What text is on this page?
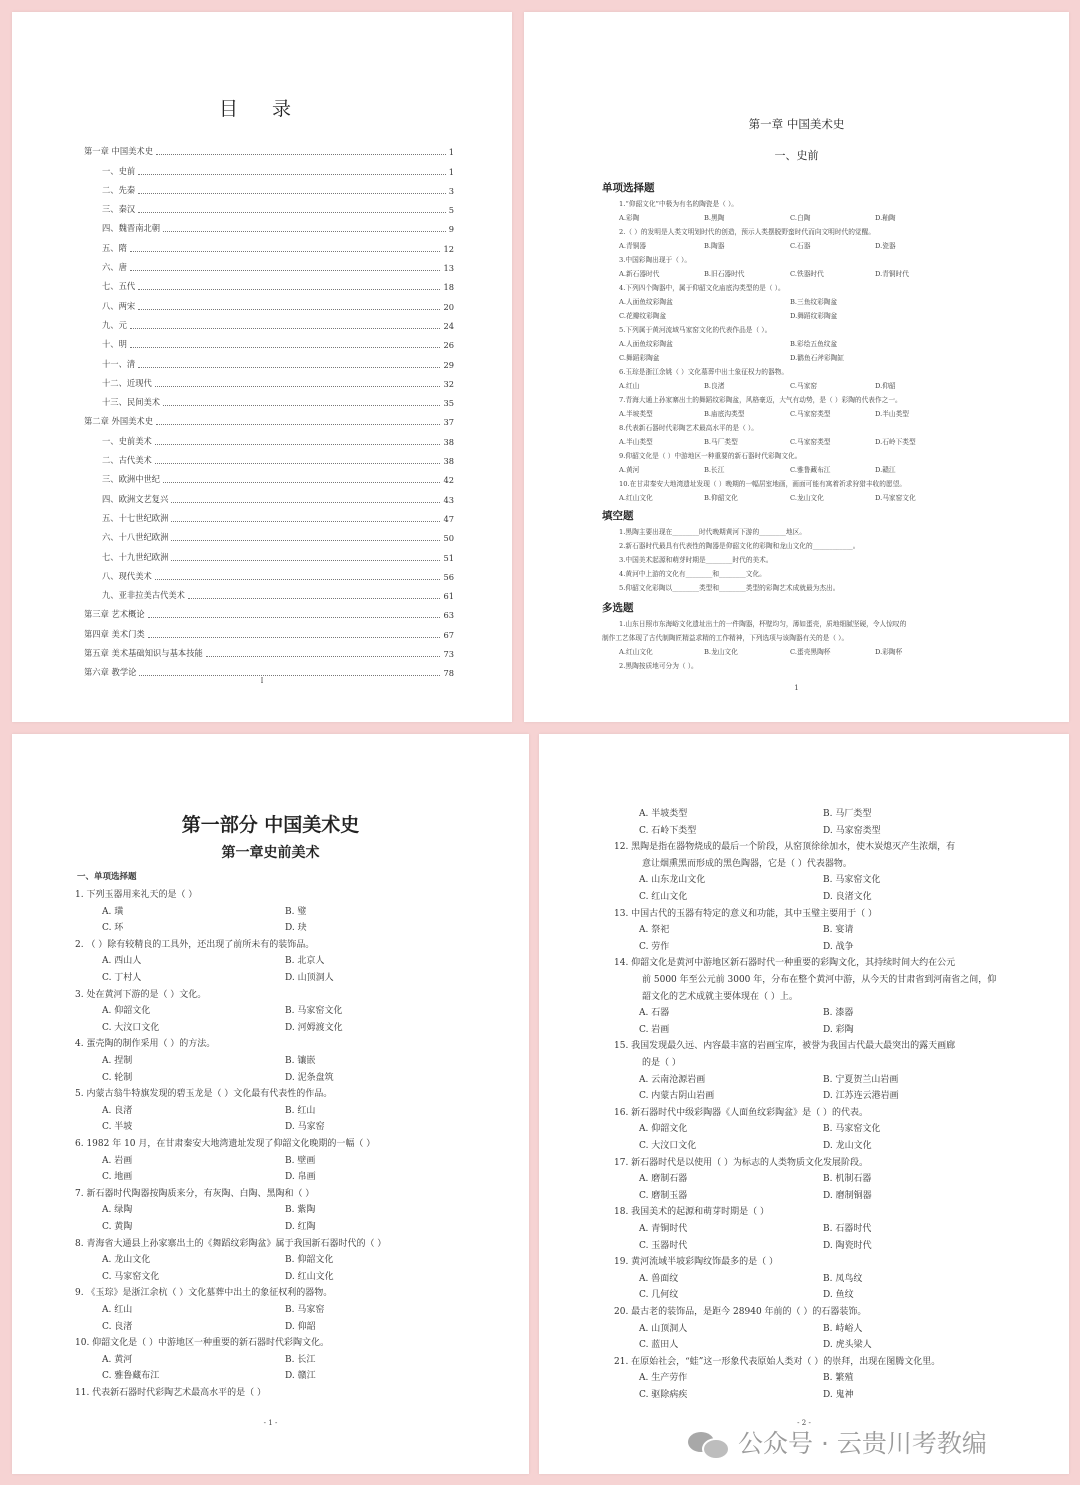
目 录
第一章 中国美术史	1
一、史前	1
二、先秦	3
三、秦汉	5
四、魏晋南北朝	9
五、隋	12
六、唐	13
七、五代	18
八、两宋	20
九、元	24
十、明	26
十一、清	29
十二、近现代	32
十三、民间美术	35
第二章 外国美术史	37
一、史前美术	38
二、古代美术	38
三、欧洲中世纪	42
四、欧洲文艺复兴	43
五、十七世纪欧洲	47
六、十八世纪欧洲	50
七、十九世纪欧洲	51
八、现代美术	56
九、亚非拉美古代美术	61
第三章 艺术概论	63
第四章 美术门类	67
第五章 美术基础知识与基本技能	73
第六章 教学论	78
I
第一章 中国美术史
一、史前
1
单项选择题
1.“仰韶文化”中极为有名的陶瓷是（ ）。
A.彩陶	B.黑陶	C.白陶	D.釉陶
2.（ ）的发明是人类文明划时代的创造，预示人类摆脱野蛮时代而向文明时代的觉醒。
A.青铜器	B.陶器	C.石器	D.瓷器
3.中国彩陶出现于（ ）。
A.新石器时代	B.旧石器时代	C.铁器时代	D.青铜时代
4.下列四个陶器中，属于仰韶文化庙底沟类型的是（ ）。
A.人面鱼纹彩陶盆	B.三鱼纹彩陶盆
C.花瓣纹彩陶盆	D.舞蹈纹彩陶盆
5.下列属于黄河流域马家窑文化的代表作品是（ ）。
A.人面鱼纹彩陶盆	B.彩绘五鱼纹盆
C.舞蹈彩陶盆	D.鹳鱼石斧彩陶缸
6.玉琮是浙江余姚（ ）文化墓葬中出土象征权力的器物。
A.红山	B.良渚	C.马家窑	D.仰韶
7.青海大通上孙家寨出土的舞蹈纹彩陶盆，风格豪迈，大气有动势，是（ ）彩陶的代表作之一。
A.半坡类型	B.庙底沟类型	C.马家窑类型	D.半山类型
8.代表新石器时代彩陶艺术最高水平的是（ ）。
A.半山类型	B.马厂类型	C.马家窑类型	D.石岭下类型
9.仰韶文化是（ ）中游地区一种重要的新石器时代彩陶文化。
A.黄河	B.长江	C.雅鲁藏布江	D.赣江
10.在甘肃秦安大地湾遗址发现（ ）晚期的一幅居室地画，画面可能有寓着祈求狩猎丰收的愿望。
A.红山文化	B.仰韶文化	C.龙山文化	D.马家窑文化
填空题
1.黑陶主要出现在________时代晚期黄河下游的________地区。
2.新石器时代最具有代表性的陶器是仰韶文化的彩陶和龙山文化的____________。
3.中国美术起源和萌芽时期是________时代的美术。
4.黄河中上游的文化有________和________文化。
5.仰韶文化彩陶以________类型和________类型的彩陶艺术成就最为杰出。
多选题
1.山东日照市东海峪文化遗址出土的一件陶器，杯壁均匀，薄如蛋壳，质地细腻坚硬，令人惊叹的
制作工艺体现了古代制陶匠精益求精的工作精神，下列选项与该陶器有关的是（ ）。
A.红山文化	B.龙山文化	C.蛋壳黑陶杯	D.彩陶杯
2.黑陶按质地可分为（ ）。
第一部分 中国美术史
第一章史前美术
一、单项选择题
- 1 -
1. 下列玉器用来礼天的是（ ）
A. 璜	B. 璧
C. 环	D. 玦
2. （ ）除有较精良的工具外，还出现了前所未有的装饰品。
A. 西山人	B. 北京人
C. 丁村人	D. 山顶洞人
3. 处在黄河下游的是（ ）文化。
A. 仰韶文化	B. 马家窑文化
C. 大汶口文化	D. 河姆渡文化
4. 蛋壳陶的制作采用（ ）的方法。
A. 捏制	B. 镶嵌
C. 轮制	D. 泥条盘筑
5. 内蒙古翁牛特旗发现的碧玉龙是（ ）文化最有代表性的作品。
A. 良渚	B. 红山
C. 半坡	D. 马家窑
6. 1982 年 10 月，在甘肃秦安大地湾遗址发现了仰韶文化晚期的一幅（ ）
A. 岩画	B. 壁画
C. 地画	D. 帛画
7. 新石器时代陶器按陶质来分，有灰陶、白陶、黑陶和（ ）
A. 绿陶	B. 紫陶
C. 黄陶	D. 红陶
8. 青海省大通县上孙家寨出土的《舞蹈纹彩陶盆》属于我国新石器时代的（ ）
A. 龙山文化	B. 仰韶文化
C. 马家窑文化	D. 红山文化
9. 《玉琮》是浙江余杭（ ）文化墓葬中出土的象征权利的器物。
A. 红山	B. 马家窑
C. 良渚	D. 仰韶
10. 仰韶文化是（ ）中游地区一种重要的新石器时代彩陶文化。
A. 黄河	B. 长江
C. 雅鲁藏布江	D. 赣江
11. 代表新石器时代彩陶艺术最高水平的是（ ）
- 2 -
A. 半坡类型	B. 马厂类型
C. 石岭下类型	D. 马家窑类型
12. 黑陶是指在器物烧成的最后一个阶段，从窑顶徐徐加水，使木炭熄灭产生浓烟，有
意让烟熏黑而形成的黑色陶器，它是（ ）代表器物。
A. 山东龙山文化	B. 马家窑文化
C. 红山文化	D. 良渚文化
13. 中国古代的玉器有特定的意义和功能，其中玉璧主要用于（ ）
A. 祭祀	B. 宴请
C. 劳作	D. 战争
14. 仰韶文化是黄河中游地区新石器时代一种重要的彩陶文化，其持续时间大约在公元
前 5000 年至公元前 3000 年，分布在整个黄河中游，从今天的甘肃省到河南省之间，仰
韶文化的艺术成就主要体现在（ ）上。
A. 石器	B. 漆器
C. 岩画	D. 彩陶
15. 我国发现最久远、内容最丰富的岩画宝库，被誉为我国古代最大最突出的露天画廊
的是（ ）
A. 云南沧源岩画	B. 宁夏贺兰山岩画
C. 内蒙古阴山岩画	D. 江苏连云港岩画
16. 新石器时代中级彩陶器《人面鱼纹彩陶盆》是（ ）的代表。
A. 仰韶文化	B. 马家窑文化
C. 大汶口文化	D. 龙山文化
17. 新石器时代是以使用（ ）为标志的人类物质文化发展阶段。
A. 磨制石器	B. 机制石器
C. 磨制玉器	D. 磨制铜器
18. 我国美术的起源和萌芽时期是（ ）
A. 青铜时代	B. 石器时代
C. 玉器时代	D. 陶瓷时代
19. 黄河流域半坡彩陶纹饰最多的是（ ）
A. 兽面纹	B. 凤鸟纹
C. 几何纹	D. 鱼纹
20. 最古老的装饰品，是距今 28940 年前的（ ）的石器装饰。
A. 山顶洞人	B. 峙峪人
C. 蓝田人	D. 虎头梁人
21. 在原始社会，“蛙”这一形象代表原始人类对（ ）的崇拜，出现在图腾文化里。
A. 生产劳作	B. 繁殖
C. 驱除病疾	D. 鬼神
公众号 · 云贵川考教编
